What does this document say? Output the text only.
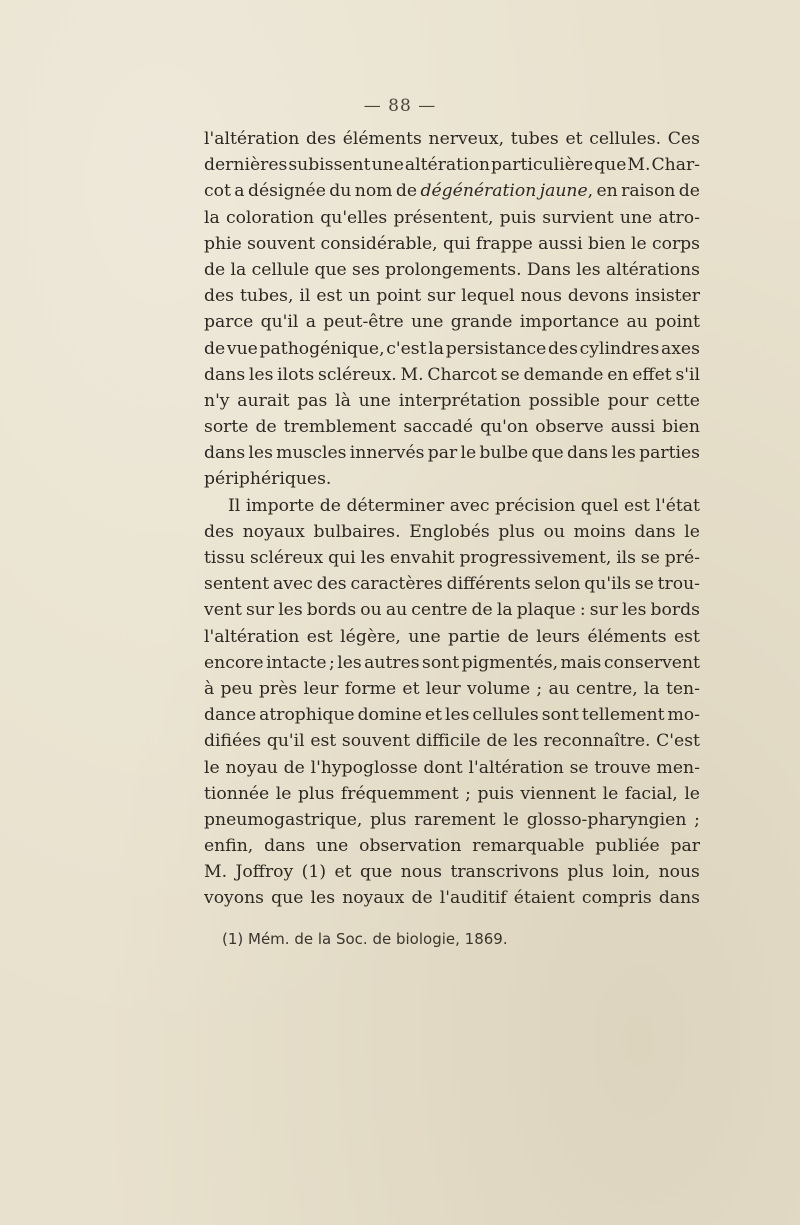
— 88 —
l'altération des éléments nerveux, tubes et cellules. Ces
dernières subissent une altération particulière que M. Char-
cot a désignée du nom de dégénération jaune, en raison de
la coloration qu'elles présentent, puis survient une atro-
phie souvent considérable, qui frappe aussi bien le corps
de la cellule que ses prolongements. Dans les altérations
des tubes, il est un point sur lequel nous devons insister
parce qu'il a peut-être une grande importance au point
de vue pathogénique, c'est la persistance des cylindres axes
dans les ilots scléreux. M. Charcot se demande en effet s'il
n'y aurait pas là une interprétation possible pour cette
sorte de tremblement saccadé qu'on observe aussi bien
dans les muscles innervés par le bulbe que dans les parties
périphériques.
Il importe de déterminer avec précision quel est l'état
des noyaux bulbaires. Englobés plus ou moins dans le
tissu scléreux qui les envahit progressivement, ils se pré-
sentent avec des caractères différents selon qu'ils se trou-
vent sur les bords ou au centre de la plaque : sur les bords
l'altération est légère, une partie de leurs éléments est
encore intacte ; les autres sont pigmentés, mais conservent
à peu près leur forme et leur volume ; au centre, la ten-
dance atrophique domine et les cellules sont tellement mo-
difiées qu'il est souvent difficile de les reconnaître. C'est
le noyau de l'hypoglosse dont l'altération se trouve men-
tionnée le plus fréquemment ; puis viennent le facial, le
pneumogastrique, plus rarement le glosso-pharyngien ;
enfin, dans une observation remarquable publiée par
M. Joffroy (1) et que nous transcrivons plus loin, nous
voyons que les noyaux de l'auditif étaient compris dans
(1) Mém. de la Soc. de biologie, 1869.
